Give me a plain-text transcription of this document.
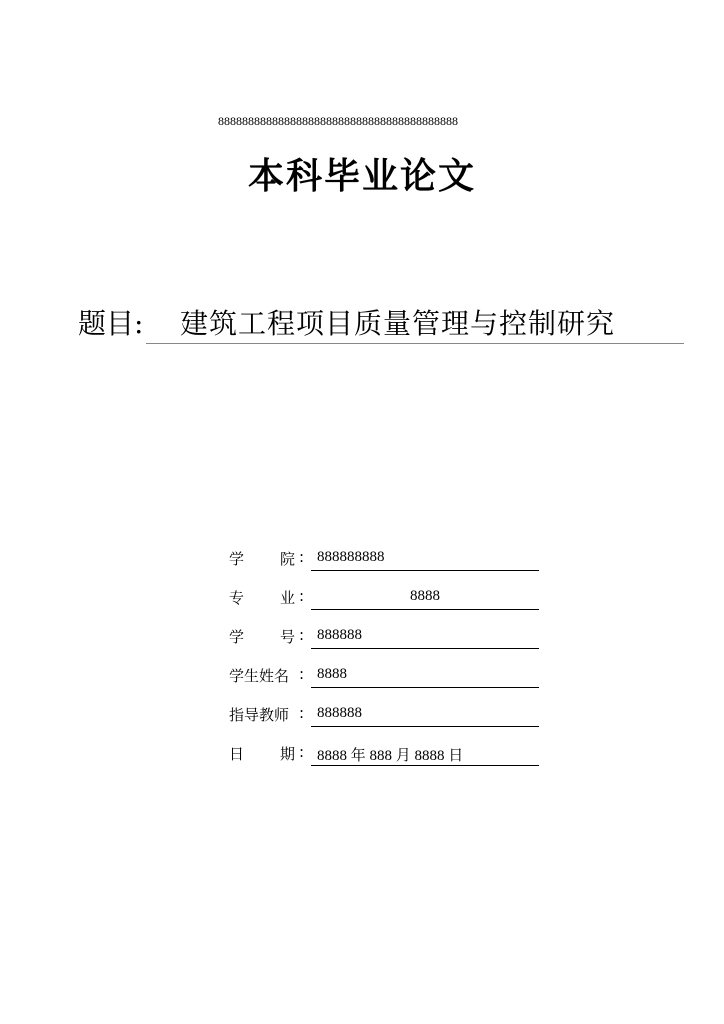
8888888888888888888888888888888888888888
本科毕业论文
题目: 建筑工程项目质量管理与控制研究
学 院 : 888888888
专 业 :	8888
学 号 : 888888
学生姓名 : 8888
指导教师 : 888888
日 期 : 8888 年 888 月 8888 日
